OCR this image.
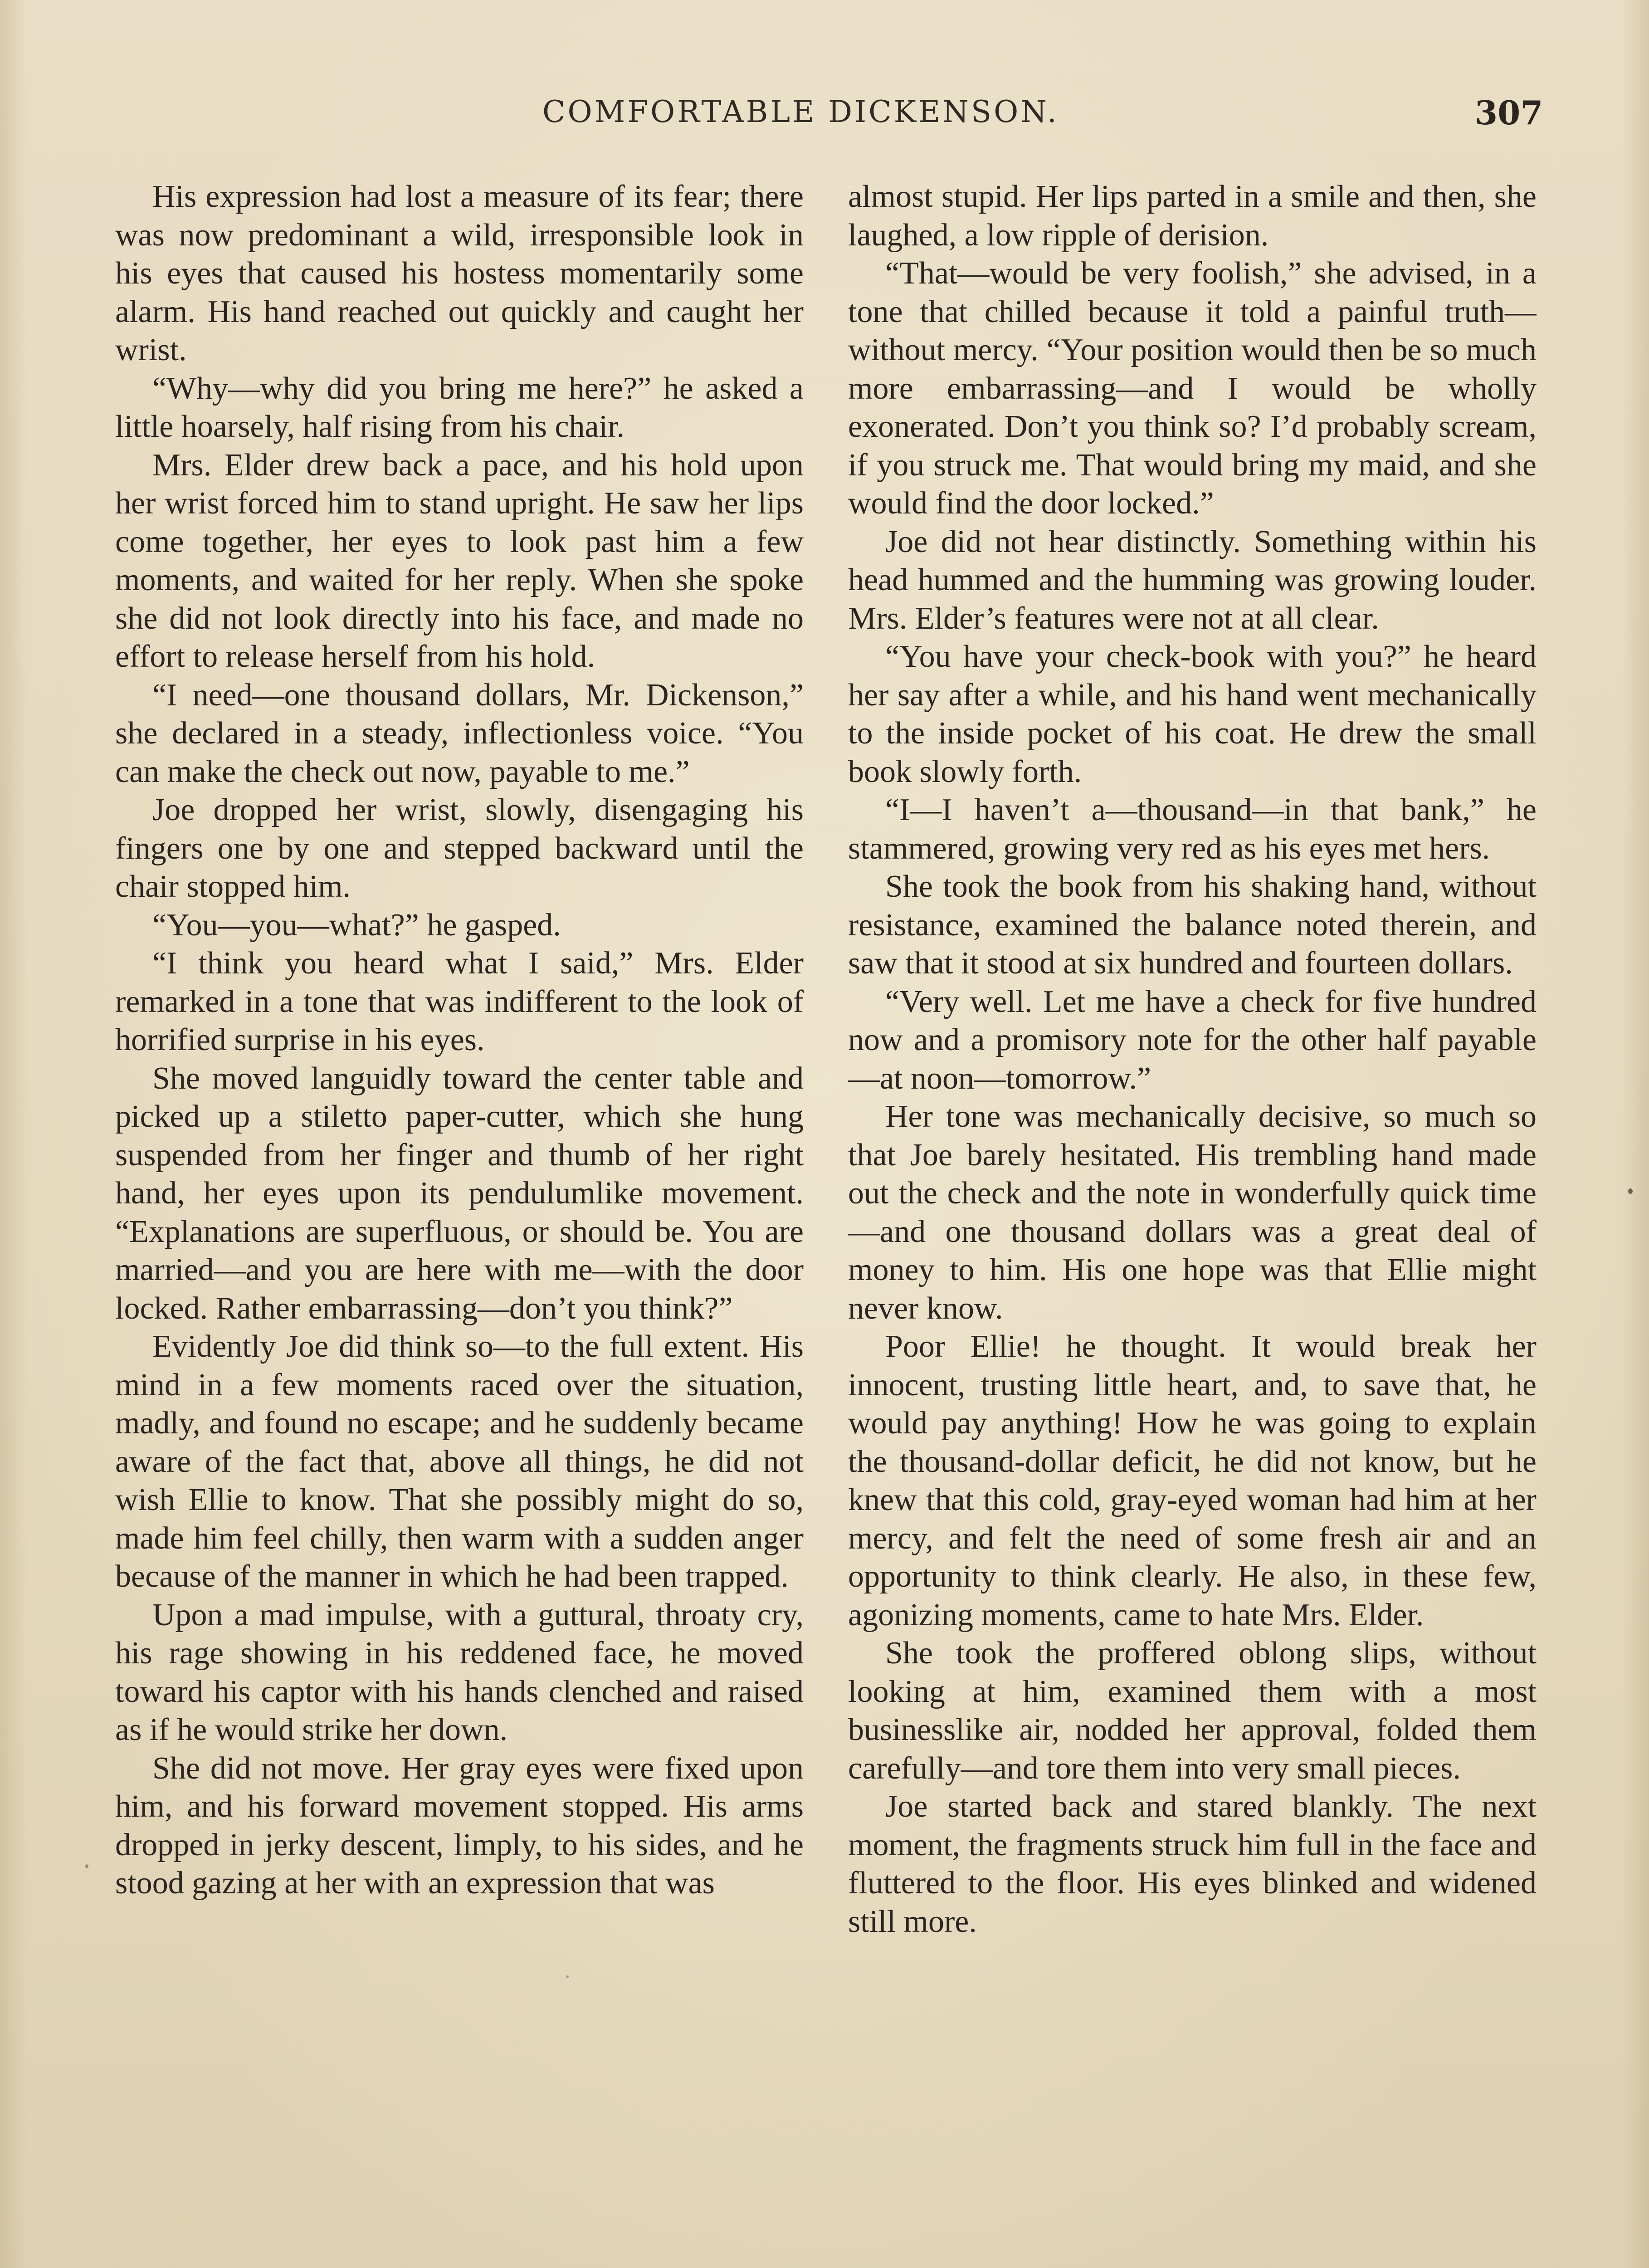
COMFORTABLE DICKENSON.	307

His expression had lost a measure of its fear; there was now predominant a wild, irresponsible look in his eyes that caused his hostess momentarily some alarm. His hand reached out quickly and caught her wrist.

“Why—why did you bring me here?” he asked a little hoarsely, half rising from his chair.

Mrs. Elder drew back a pace, and his hold upon her wrist forced him to stand upright. He saw her lips come together, her eyes to look past him a few moments, and waited for her reply. When she spoke she did not look directly into his face, and made no effort to release herself from his hold.

“I need—one thousand dollars, Mr. Dickenson,” she declared in a steady, inflectionless voice. “You can make the check out now, payable to me.”

Joe dropped her wrist, slowly, disengaging his fingers one by one and stepped backward until the chair stopped him.

“You—you—what?” he gasped.

“I think you heard what I said,” Mrs. Elder remarked in a tone that was indifferent to the look of horrified surprise in his eyes.

She moved languidly toward the center table and picked up a stiletto paper-cutter, which she hung suspended from her finger and thumb of her right hand, her eyes upon its pendulumlike movement. “Explanations are superfluous, or should be. You are married—and you are here with me—with the door locked. Rather embarrassing—don’t you think?”

Evidently Joe did think so—to the full extent. His mind in a few moments raced over the situation, madly, and found no escape; and he suddenly became aware of the fact that, above all things, he did not wish Ellie to know. That she possibly might do so, made him feel chilly, then warm with a sudden anger because of the manner in which he had been trapped.

Upon a mad impulse, with a guttural, throaty cry, his rage showing in his reddened face, he moved toward his captor with his hands clenched and raised as if he would strike her down.

She did not move. Her gray eyes were fixed upon him, and his forward movement stopped. His arms dropped in jerky descent, limply, to his sides, and he stood gazing at her with an expression that was

almost stupid. Her lips parted in a smile and then, she laughed, a low ripple of derision.

“That—would be very foolish,” she advised, in a tone that chilled because it told a painful truth—without mercy. “Your position would then be so much more embarrassing—and I would be wholly exonerated. Don’t you think so? I’d probably scream, if you struck me. That would bring my maid, and she would find the door locked.”

Joe did not hear distinctly. Something within his head hummed and the humming was growing louder. Mrs. Elder’s features were not at all clear.

“You have your check-book with you?” he heard her say after a while, and his hand went mechanically to the inside pocket of his coat. He drew the small book slowly forth.

“I—I haven’t a—thousand—in that bank,” he stammered, growing very red as his eyes met hers.

She took the book from his shaking hand, without resistance, examined the balance noted therein, and saw that it stood at six hundred and fourteen dollars.

“Very well. Let me have a check for five hundred now and a promisory note for the other half payable—at noon—tomorrow.”

Her tone was mechanically decisive, so much so that Joe barely hesitated. His trembling hand made out the check and the note in wonderfully quick time—and one thousand dollars was a great deal of money to him. His one hope was that Ellie might never know.

Poor Ellie! he thought. It would break her innocent, trusting little heart, and, to save that, he would pay anything! How he was going to explain the thousand-dollar deficit, he did not know, but he knew that this cold, gray-eyed woman had him at her mercy, and felt the need of some fresh air and an opportunity to think clearly. He also, in these few, agonizing moments, came to hate Mrs. Elder.

She took the proffered oblong slips, without looking at him, examined them with a most businesslike air, nodded her approval, folded them carefully—and tore them into very small pieces.

Joe started back and stared blankly. The next moment, the fragments struck him full in the face and fluttered to the floor. His eyes blinked and widened still more.
